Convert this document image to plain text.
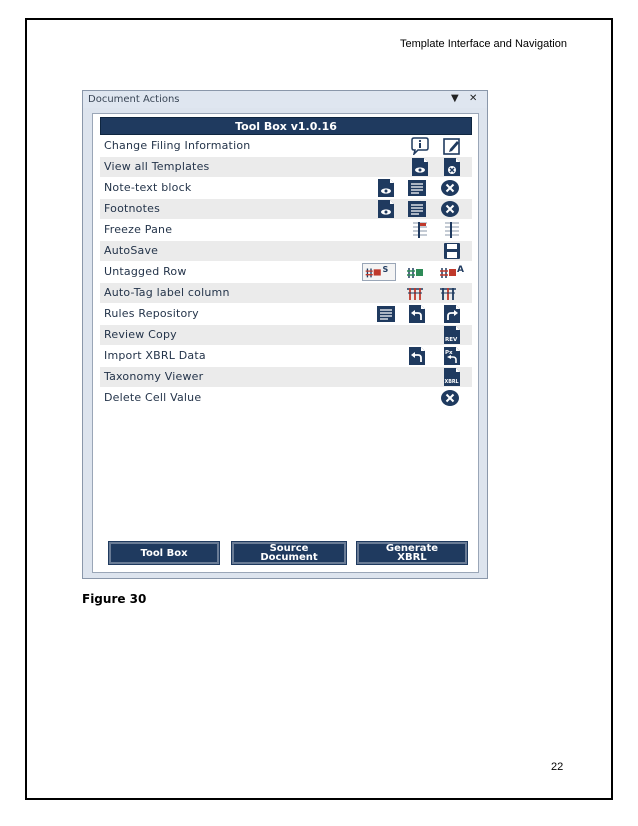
Template Interface and Navigation
Document Actions	▼ ✕
Tool Box v1.0.16
Change Filing Information
View all Templates
Note-text block
Footnotes
Freeze Pane
AutoSave
Untagged Row	S	A
Auto-Tag label column
Rules Repository
Review Copy	REV
Import XBRL Data	Px
Taxonomy Viewer	XBRL
Delete Cell Value
Tool Box	Source
Document
Generate
XBRL
Figure 30
22
